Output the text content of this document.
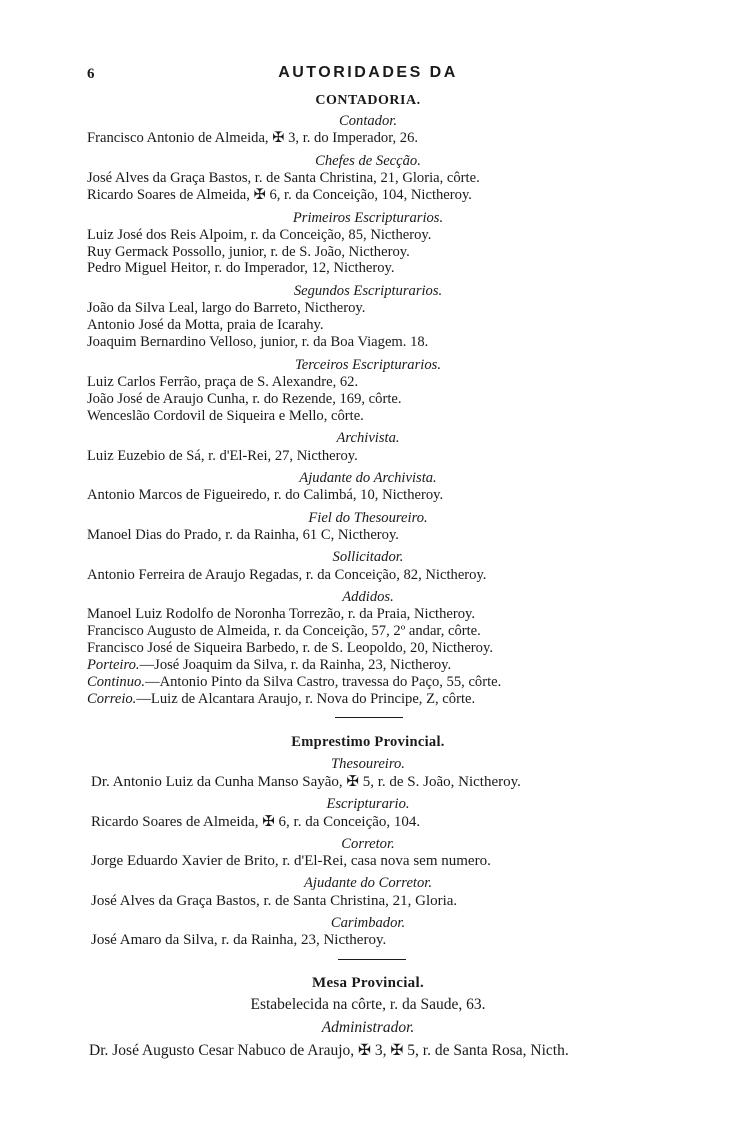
6	AUTORIDADES DA
CONTADORIA.
Contador.
Francisco Antonio de Almeida, ✠ 3, r. do Imperador, 26.
Chefes de Secção.
José Alves da Graça Bastos, r. de Santa Christina, 21, Gloria, côrte.
Ricardo Soares de Almeida, ✠ 6, r. da Conceição, 104, Nictheroy.
Primeiros Escripturarios.
Luiz José dos Reis Alpoim, r. da Conceição, 85, Nictheroy.
Ruy Germack Possollo, junior, r. de S. João, Nictheroy.
Pedro Miguel Heitor, r. do Imperador, 12, Nictheroy.
Segundos Escripturarios.
João da Silva Leal, largo do Barreto, Nictheroy.
Antonio José da Motta, praia de Icarahy.
Joaquim Bernardino Velloso, junior, r. da Boa Viagem. 18.
Terceiros Escripturarios.
Luiz Carlos Ferrão, praça de S. Alexandre, 62.
João José de Araujo Cunha, r. do Rezende, 169, côrte.
Wenceslão Cordovil de Siqueira e Mello, côrte.
Archivista.
Luiz Euzebio de Sá, r. d'El-Rei, 27, Nictheroy.
Ajudante do Archivista.
Antonio Marcos de Figueiredo, r. do Calimbá, 10, Nictheroy.
Fiel do Thesoureiro.
Manoel Dias do Prado, r. da Rainha, 61 C, Nictheroy.
Sollicitador.
Antonio Ferreira de Araujo Regadas, r. da Conceição, 82, Nictheroy.
Addidos.
Manoel Luiz Rodolfo de Noronha Torrezão, r. da Praia, Nictheroy.
Francisco Augusto de Almeida, r. da Conceição, 57, 2º andar, côrte.
Francisco José de Siqueira Barbedo, r. de S. Leopoldo, 20, Nictheroy.
Porteiro.—José Joaquim da Silva, r. da Rainha, 23, Nictheroy.
Continuo.—Antonio Pinto da Silva Castro, travessa do Paço, 55, côrte.
Correio.—Luiz de Alcantara Araujo, r. Nova do Principe, Z, côrte.
Emprestimo Provincial.
Thesoureiro.
Dr. Antonio Luiz da Cunha Manso Sayão, ✠ 5, r. de S. João, Nictheroy.
Escripturario.
Ricardo Soares de Almeida, ✠ 6, r. da Conceição, 104.
Corretor.
Jorge Eduardo Xavier de Brito, r. d'El-Rei, casa nova sem numero.
Ajudante do Corretor.
José Alves da Graça Bastos, r. de Santa Christina, 21, Gloria.
Carimbador.
José Amaro da Silva, r. da Rainha, 23, Nictheroy.
Mesa Provincial.
Estabelecida na côrte, r. da Saude, 63.
Administrador.
Dr. José Augusto Cesar Nabuco de Araujo, ✠ 3, ✠ 5, r. de Santa Rosa, Nicth.
